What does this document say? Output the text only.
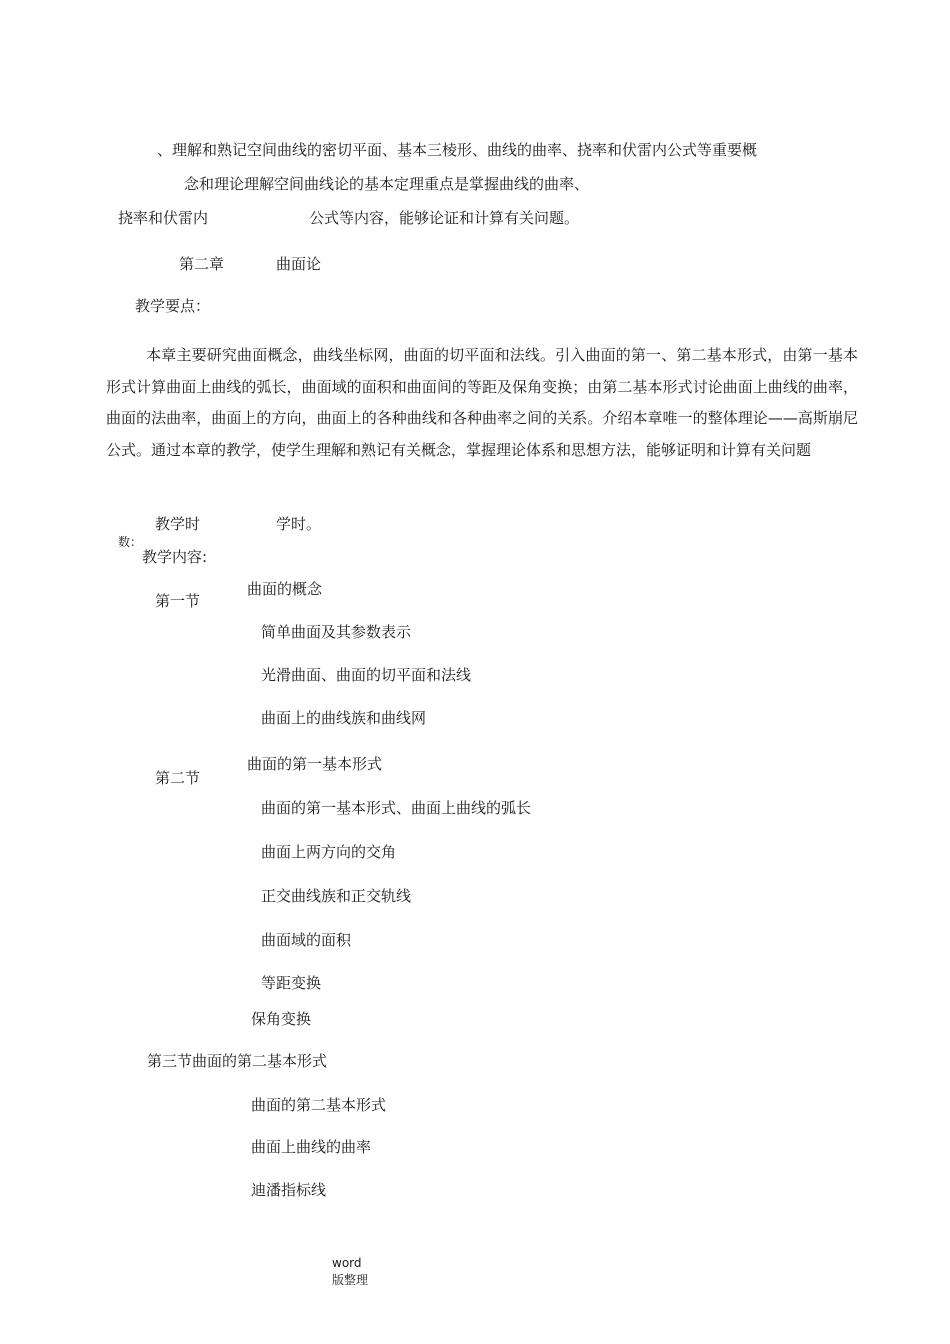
、理解和熟记空间曲线的密切平面、基本三棱形、曲线的曲率、挠率和伏雷内公式等重要概
念和理论理解空间曲线论的基本定理重点是掌握曲线的曲率、
挠率和伏雷内	公式等内容，能够论证和计算有关问题。
第二章	曲面论
教学要点：
本章主要研究曲面概念，曲线坐标网，曲面的切平面和法线。引入曲面的第一、第二基本形式，由第一基本形式计算曲面上曲线的弧长，曲面域的面积和曲面间的等距及保角变换；由第二基本形式讨论曲面上曲线的曲率，曲面的法曲率，曲面上的方向，曲面上的各种曲线和各种曲率之间的关系。介绍本章唯一的整体理论——高斯崩尼公式。通过本章的教学，使学生理解和熟记有关概念，掌握理论体系和思想方法，能够证明和计算有关问题
教学时
数：
学时。
教学内容:
第一节
曲面的概念
简单曲面及其参数表示
光滑曲面、曲面的切平面和法线
曲面上的曲线族和曲线网
第二节
曲面的第一基本形式
曲面的第一基本形式、曲面上曲线的弧长
曲面上两方向的交角
正交曲线族和正交轨线
曲面域的面积
等距变换
保角变换
第三节曲面的第二基本形式
曲面的第二基本形式
曲面上曲线的曲率
迪潘指标线
word
版整理
